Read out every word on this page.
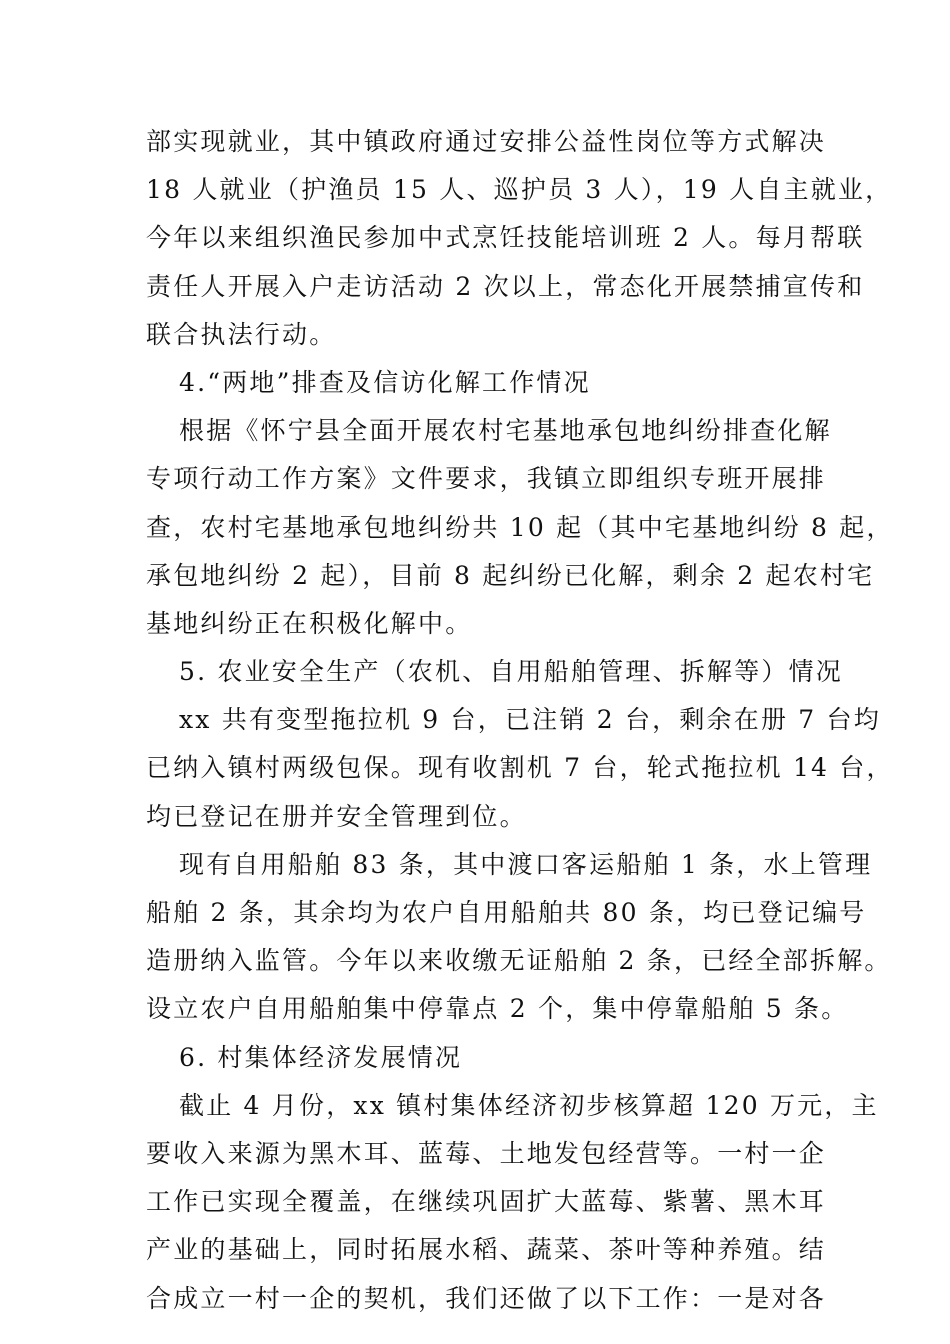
部实现就业，其中镇政府通过安排公益性岗位等方式解决
18 人就业（护渔员 15 人、巡护员 3 人），19 人自主就业，
今年以来组织渔民参加中式烹饪技能培训班 2 人。每月帮联
责任人开展入户走访活动 2 次以上，常态化开展禁捕宣传和
联合执法行动。
4.“两地”排查及信访化解工作情况
根据《怀宁县全面开展农村宅基地承包地纠纷排查化解
专项行动工作方案》文件要求，我镇立即组织专班开展排
查，农村宅基地承包地纠纷共 10 起（其中宅基地纠纷 8 起，
承包地纠纷 2 起），目前 8 起纠纷已化解，剩余 2 起农村宅
基地纠纷正在积极化解中。
5. 农业安全生产（农机、自用船舶管理、拆解等）情况
xx 共有变型拖拉机 9 台，已注销 2 台，剩余在册 7 台均
已纳入镇村两级包保。现有收割机 7 台，轮式拖拉机 14 台，
均已登记在册并安全管理到位。
现有自用船舶 83 条，其中渡口客运船舶 1 条，水上管理
船舶 2 条，其余均为农户自用船舶共 80 条，均已登记编号
造册纳入监管。今年以来收缴无证船舶 2 条，已经全部拆解。
设立农户自用船舶集中停靠点 2 个，集中停靠船舶 5 条。
6. 村集体经济发展情况
截止 4 月份，xx 镇村集体经济初步核算超 120 万元，主
要收入来源为黑木耳、蓝莓、土地发包经营等。一村一企
工作已实现全覆盖，在继续巩固扩大蓝莓、紫薯、黑木耳
产业的基础上，同时拓展水稻、蔬菜、茶叶等种养殖。结
合成立一村一企的契机，我们还做了以下工作：一是对各
